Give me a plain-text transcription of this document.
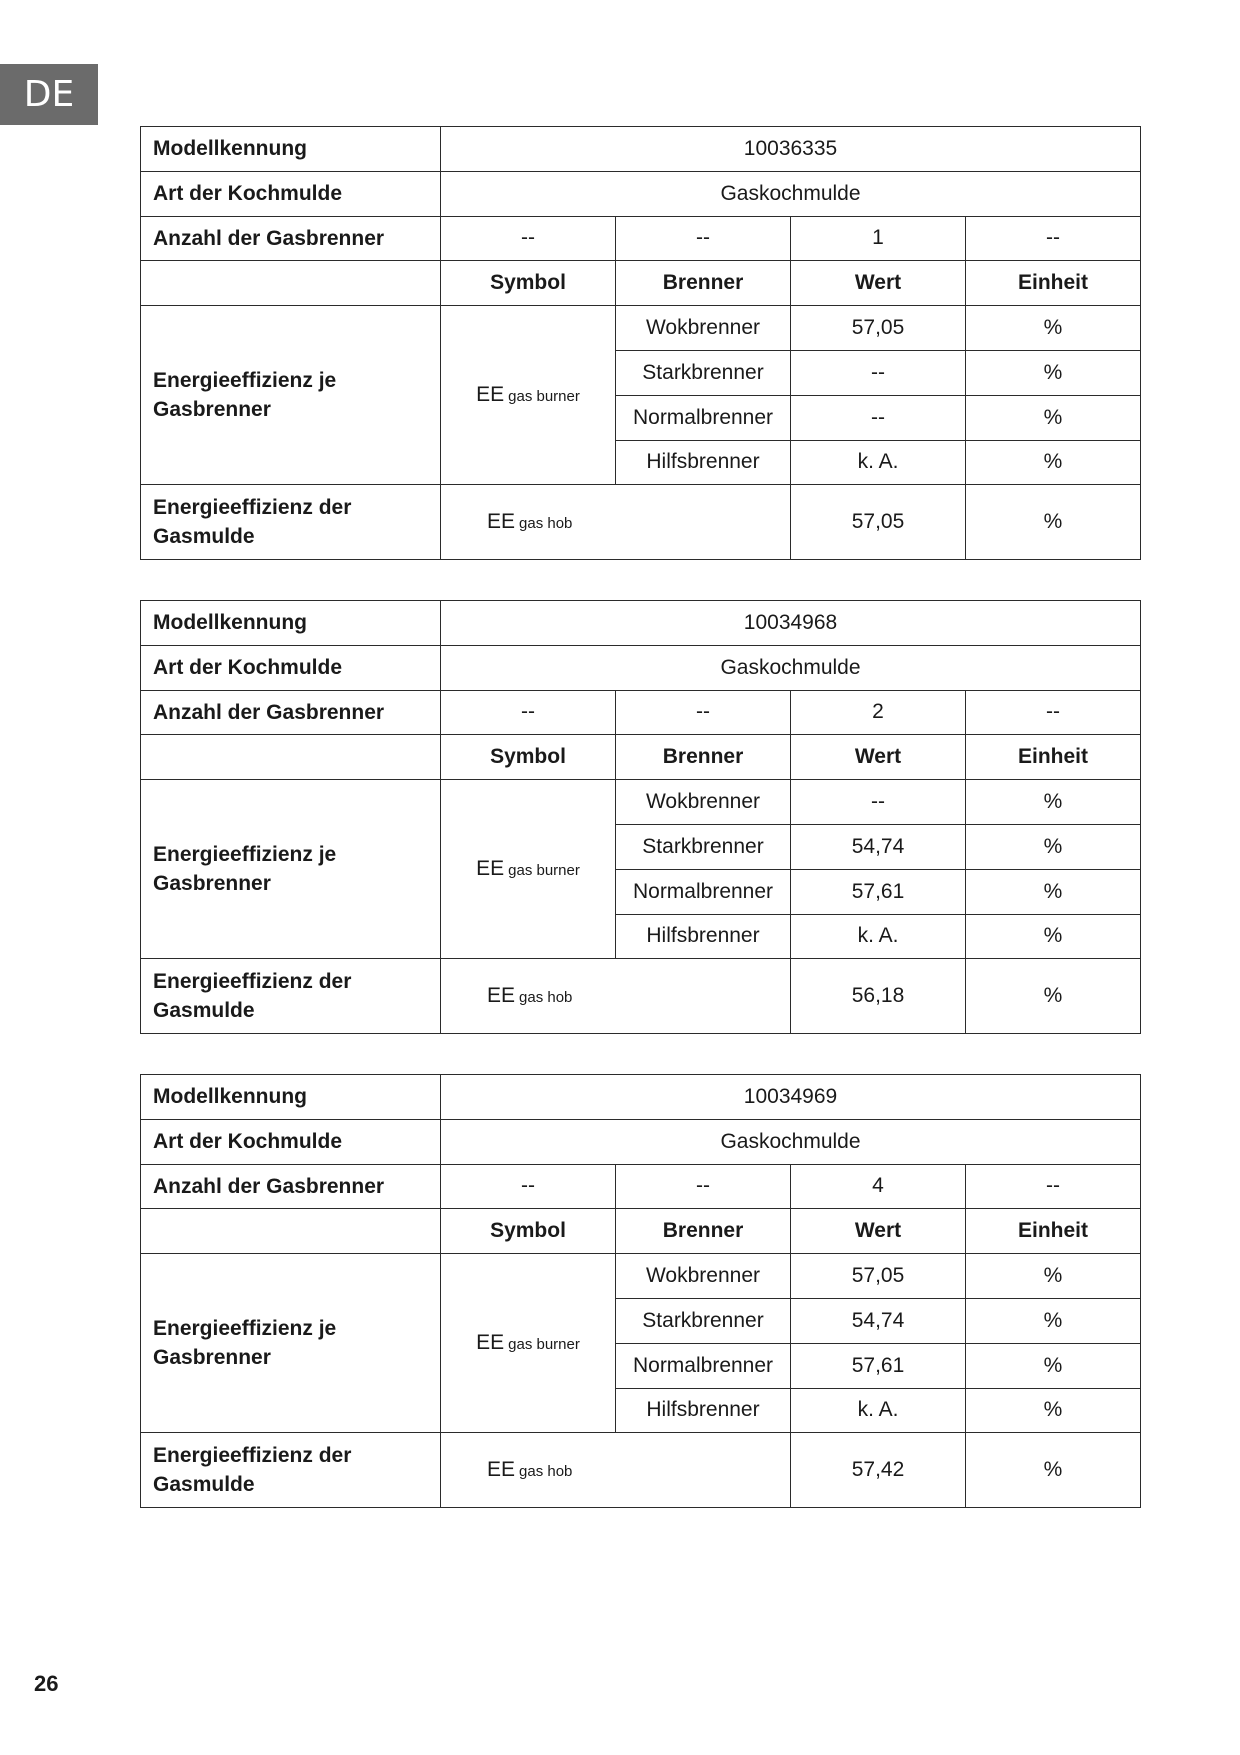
DE
Modellkennung	10036335			
Art der Kochmulde	Gaskochmulde			
Anzahl der Gasbrenner	--	--	1	--
	Symbol	Brenner	Wert	Einheit
Energieeffizienz je Gasbrenner	EE gas burner	Wokbrenner	57,05	%
		Starkbrenner	--	%
		Normalbrenner	--	%
		Hilfsbrenner	k. A.	%
Energieeffizienz der Gasmulde	EE gas hob		57,05	%
Modellkennung	10034968			
Art der Kochmulde	Gaskochmulde			
Anzahl der Gasbrenner	--	--	2	--
	Symbol	Brenner	Wert	Einheit
Energieeffizienz je Gasbrenner	EE gas burner	Wokbrenner	--	%
		Starkbrenner	54,74	%
		Normalbrenner	57,61	%
		Hilfsbrenner	k. A.	%
Energieeffizienz der Gasmulde	EE gas hob		56,18	%
Modellkennung	10034969			
Art der Kochmulde	Gaskochmulde			
Anzahl der Gasbrenner	--	--	4	--
	Symbol	Brenner	Wert	Einheit
Energieeffizienz je Gasbrenner	EE gas burner	Wokbrenner	57,05	%
		Starkbrenner	54,74	%
		Normalbrenner	57,61	%
		Hilfsbrenner	k. A.	%
Energieeffizienz der Gasmulde	EE gas hob		57,42	%
26
